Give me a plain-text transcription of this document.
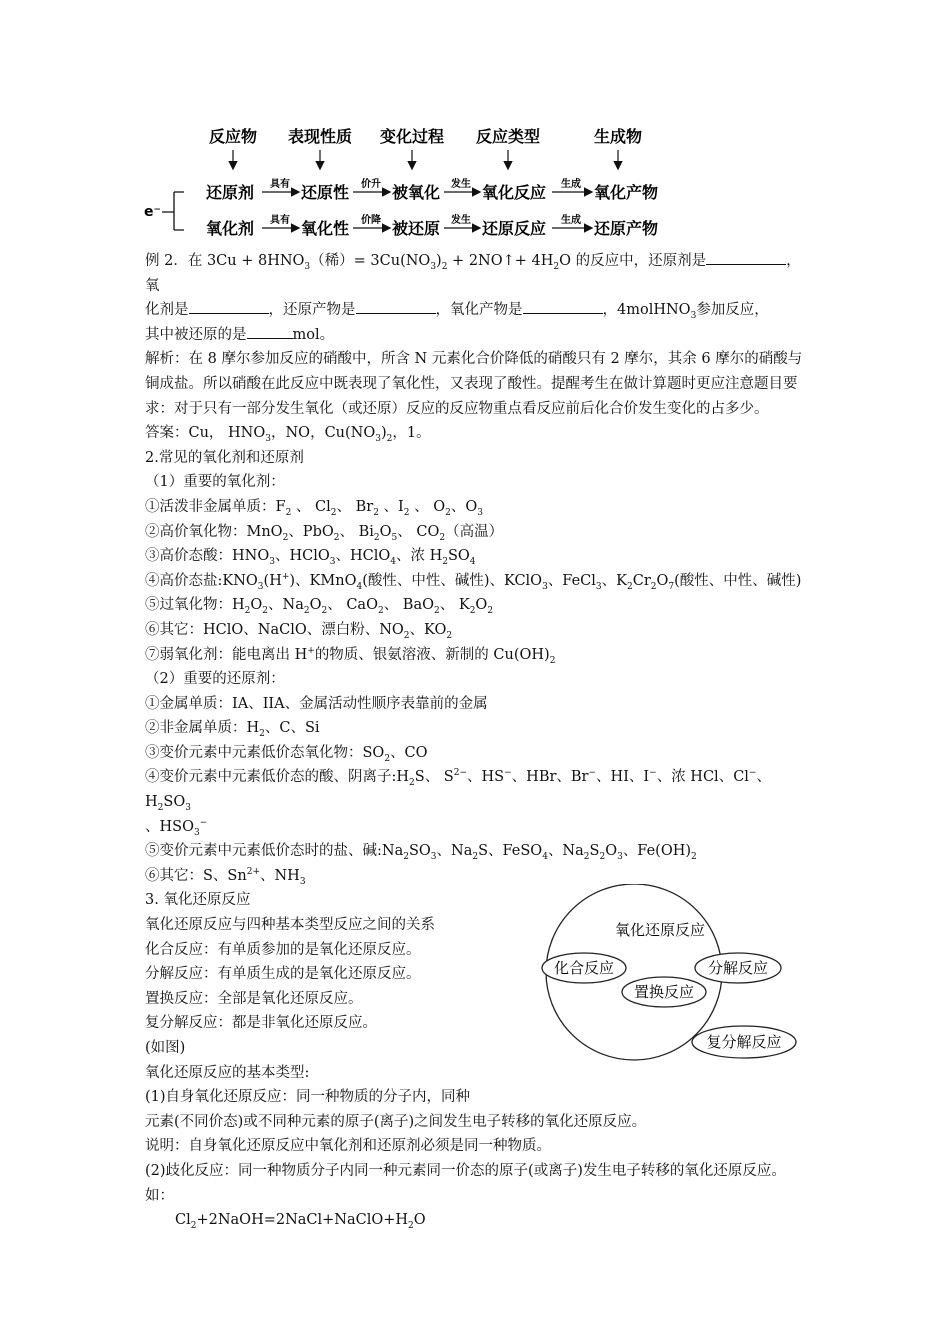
反应物 表现性质 变化过程 反应类型	生成物
e⁻
还原剂	还原性	被氧化	氧化反应	氧化产物
具有	价升	发生	生成
氧化剂	氧化性	被还原	还原反应	还原产物
具有	价降	发生	生成

例 2．在 $3Cu + 8HNO_3$（稀）= $3Cu(NO_3)_2$ + 2NO↑+ $4H_2O$ 的反应中，还原剂是	，氧
化剂是	，还原产物是	，氧化产物是	，4molHNO$_3$参加反应，
其中被还原的是	mol。

解析：在 8 摩尔参加反应的硝酸中，所含 N 元素化合价降低的硝酸只有 2 摩尔，其余 6 摩尔的硝酸与铜成盐。所以硝酸在此反应中既表现了氧化性，又表现了酸性。提醒考生在做计算题时更应注意题目要求：对于只有一部分发生氧化（或还原）反应的反应物重点看反应前后化合价发生变化的占多少。

答案：Cu， $HNO_3$，NO，$Cu(NO_3)_2$，1。

2.常见的氧化剂和还原剂

（1）重要的氧化剂：

①活泼非金属单质：$F_2$ 、 $Cl_2$、 $Br_2$ 、$I_2$ 、 $O_2$、$O_3$

②高价氧化物：MnO$_2$、PbO$_2$、 $Bi_2O_5$、 $CO_2$（高温）

③高价态酸：$HNO_3$、HClO$_3$、HClO$_4$、浓 $H_2SO_4$

④高价态盐$:KNO_3(H^+)$、KMnO$_4$(酸性、中性、碱性)、KClO$_3$、FeCl$_3$、$K_2Cr_2O_7$(酸性、中性、碱性)

⑤过氧化物：$H_2O_2$、$Na_2O_2$、 CaO$_2$、 BaO$_2$、 $K_2O_2$

⑥其它：HClO、NaClO、漂白粉、$NO_2$、$KO_2$

⑦弱氧化剂：能电离出 H+的物质、银氨溶液、新制的 $Cu(OH)_2$

（2）重要的还原剂：

①金属单质：IA、IIA、金属活动性顺序表靠前的金属

②非金属单质：$H_2$、C、Si

③变价元素中元素低价态氧化物：$SO_2$、CO

④变价元素中元素低价态的酸、阴离子$:H_2S$、 $S^{2-}$、HS−、HBr、Br−、HI、I−、浓 HCl、Cl−、$H_2SO_3$
、$HSO_3^-$

⑤变价元素中元素低价态时的盐、碱$:Na_2SO_3$、$Na_2S$、FeSO$_4$、$Na_2S_2O_3$、$Fe(OH)_2$

⑥其它：S、$Sn^{2+}$、$NH_3$

3. 氧化还原反应

氧化还原反应与四种基本类型反应之间的关系

化合反应：有单质参加的是氧化还原反应。

分解反应：有单质生成的是氧化还原反应。

置换反应：全部是氧化还原反应。

复分解反应：都是非氧化还原反应。

(如图)

氧化还原反应的基本类型:

(1)自身氧化还原反应：同一种物质的分子内，同种

元素(不同价态)或不同种元素的原子(离子)之间发生电子转移的氧化还原反应。

说明：自身氧化还原反应中氧化剂和还原剂必须是同一种物质。

(2)歧化反应：同一种物质分子内同一种元素同一价态的原子(或离子)发生电子转移的氧化还原反应。如：

$Cl_2+2NaOH=2NaCl+NaClO+H_2O$

氧化还原反应
化合反应	分解反应
置换反应
复分解反应
